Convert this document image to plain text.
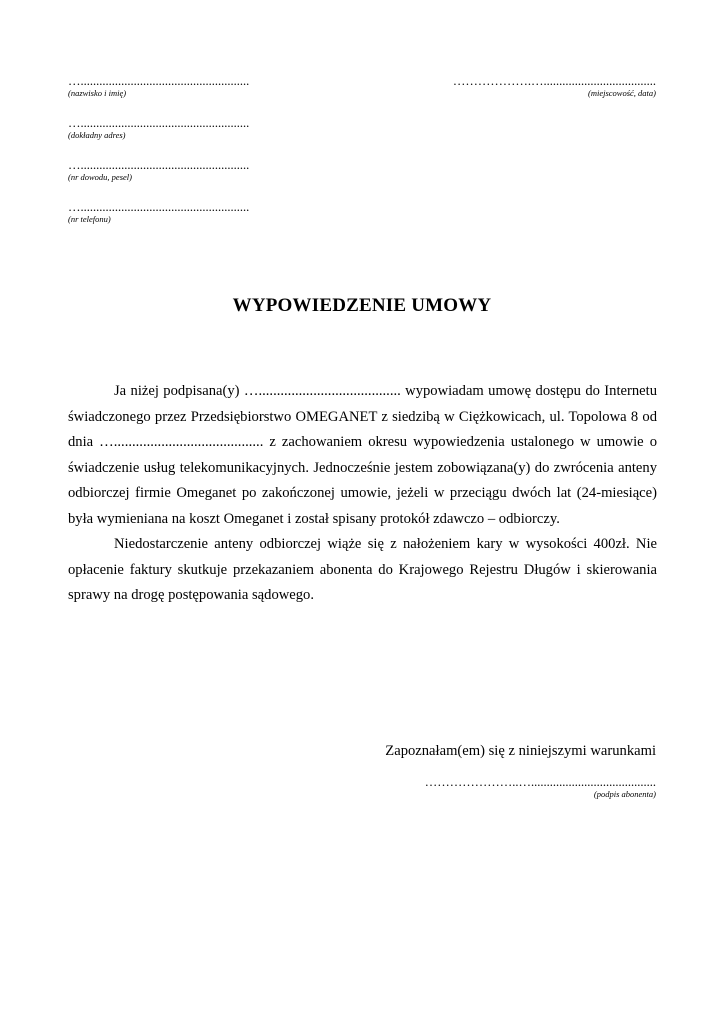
…......................................................
(nazwisko i imię)
……………….…....................................
(miejscowość, data)
…......................................................
(dokładny adres)
…......................................................
(nr dowodu, pesel)
…......................................................
(nr telefonu)
WYPOWIEDZENIE UMOWY

Ja niżej podpisana(y) …....................................... wypowiadam umowę dostępu do Internetu świadczonego przez Przedsiębiorstwo OMEGANET z siedzibą w Ciężkowicach, ul. Topolowa 8 od dnia …......................................... z zachowaniem okresu wypowiedzenia ustalonego w umowie o świadczenie usług telekomunikacyjnych. Jednocześnie jestem zobowiązana(y) do zwrócenia anteny odbiorczej firmie Omeganet po zakończonej umowie, jeżeli w przeciągu dwóch lat (24-miesiące) była wymieniana na koszt Omeganet i został spisany protokół zdawczo – odbiorczy.

Niedostarczenie anteny odbiorczej wiąże się z nałożeniem kary w wysokości 400zł. Nie opłacenie faktury skutkuje przekazaniem abonenta do Krajowego Rejestru Długów i skierowania sprawy na drogę postępowania sądowego.

Zapoznałam(em) się z niniejszymi warunkami
…………………..…........................................
(podpis abonenta)
